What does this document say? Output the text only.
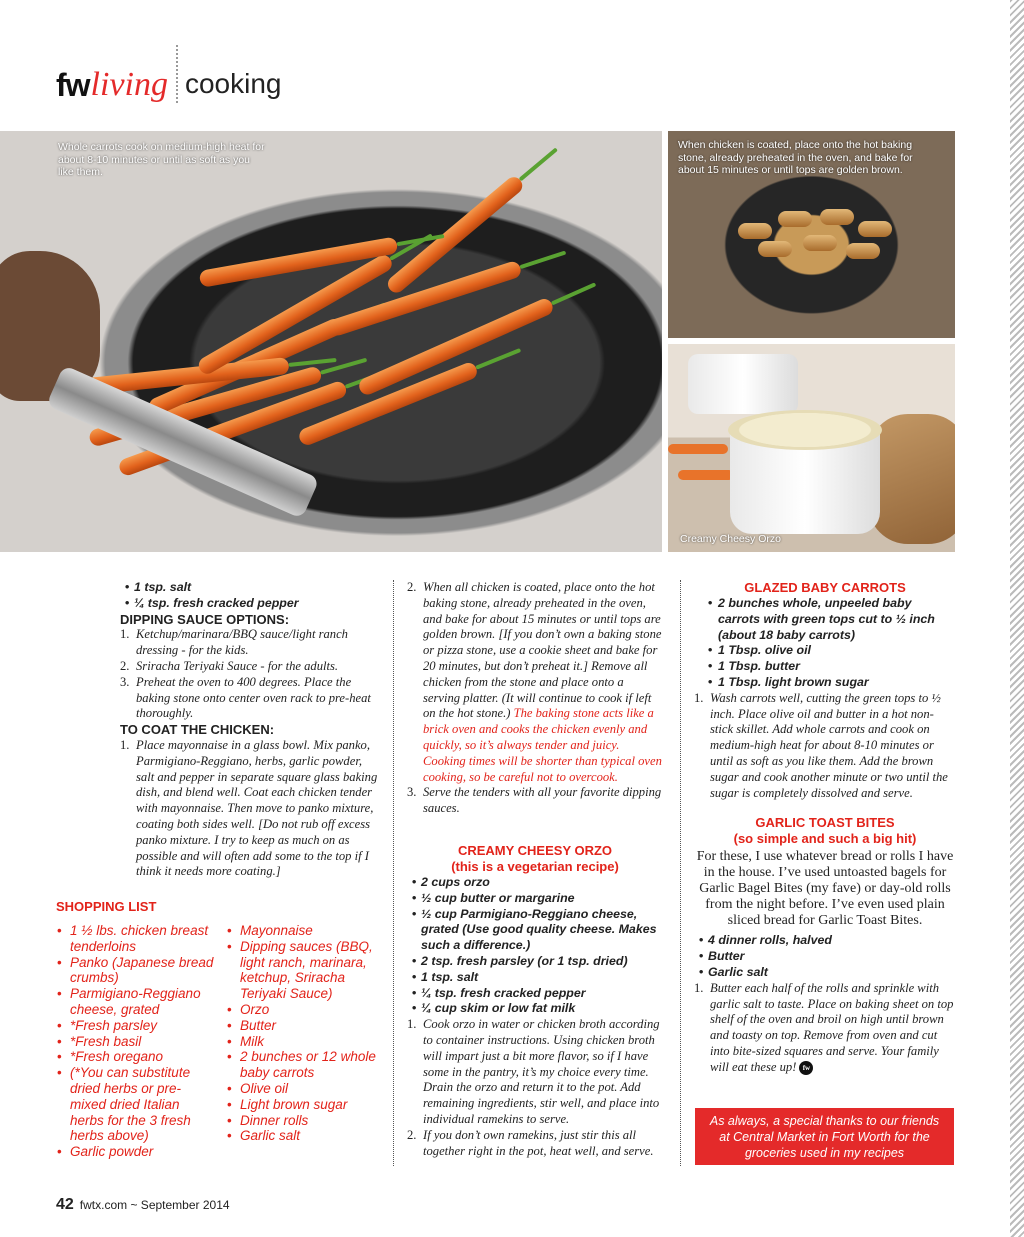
fw living cooking
Whole carrots cook on medium-high heat for about 8-10 minutes or until as soft as you like them.
When chicken is coated, place onto the hot baking stone, already preheated in the oven, and bake for about 15 minutes or until tops are golden brown.
Creamy Cheesy Orzo
• 1 tsp. salt
• ¼ tsp. fresh cracked pepper

DIPPING SAUCE OPTIONS:

1. Ketchup/marinara/BBQ sauce/light ranch dressing - for the kids.
2. Sriracha Teriyaki Sauce - for the adults.
3. Preheat the oven to 400 degrees. Place the baking stone onto center oven rack to pre-heat thoroughly.

TO COAT THE CHICKEN:

1. Place mayonnaise in a glass bowl. Mix panko, Parmigiano-Reggiano, herbs, garlic powder, salt and pepper in separate square glass baking dish, and blend well. Coat each chicken tender with mayonnaise. Then move to panko mixture, coating both sides well. [Do not rub off excess panko mixture. I try to keep as much on as possible and will often add some to the top if I think it needs more coating.]
SHOPPING LIST
• 1 ½ lbs. chicken breast tenderloins
• Panko (Japanese bread crumbs)
• Parmigiano-Reggiano cheese, grated
• *Fresh parsley
• *Fresh basil
• *Fresh oregano
• (*You can substitute dried herbs or pre-mixed dried Italian herbs for the 3 fresh herbs above)
• Garlic powder
• Mayonnaise
• Dipping sauces (BBQ, light ranch, marinara, ketchup, Sriracha Teriyaki Sauce)
• Orzo
• Butter
• Milk
• 2 bunches or 12 whole baby carrots
• Olive oil
• Light brown sugar
• Dinner rolls
• Garlic salt
2. When all chicken is coated, place onto the hot baking stone, already preheated in the oven, and bake for about 15 minutes or until tops are golden brown. [If you don’t own a baking stone or pizza stone, use a cookie sheet and bake for 20 minutes, but don’t preheat it.] Remove all chicken from the stone and place onto a serving platter. (It will continue to cook if left on the hot stone.) The baking stone acts like a brick oven and cooks the chicken evenly and quickly, so it’s always tender and juicy. Cooking times will be shorter than typical oven cooking, so be careful not to overcook.
3. Serve the tenders with all your favorite dipping sauces.
CREAMY CHEESY ORZO
(this is a vegetarian recipe)
• 2 cups orzo
• ½ cup butter or margarine
• ½ cup Parmigiano-Reggiano cheese, grated (Use good quality cheese. Makes such a difference.)
• 2 tsp. fresh parsley (or 1 tsp. dried)
• 1 tsp. salt
• ¼ tsp. fresh cracked pepper
• ¼ cup skim or low fat milk
1. Cook orzo in water or chicken broth according to container instructions. Using chicken broth will impart just a bit more flavor, so if I have some in the pantry, it’s my choice every time. Drain the orzo and return it to the pot. Add remaining ingredients, stir well, and place into individual ramekins to serve.
2. If you don’t own ramekins, just stir this all together right in the pot, heat well, and serve.
GLAZED BABY CARROTS
• 2 bunches whole, unpeeled baby carrots with green tops cut to ½ inch (about 18 baby carrots)
• 1 Tbsp. olive oil
• 1 Tbsp. butter
• 1 Tbsp. light brown sugar
1. Wash carrots well, cutting the green tops to ½ inch. Place olive oil and butter in a hot non-stick skillet. Add whole carrots and cook on medium-high heat for about 8-10 minutes or until as soft as you like them. Add the brown sugar and cook another minute or two until the sugar is completely dissolved and serve.
GARLIC TOAST BITES
(so simple and such a big hit)

For these, I use whatever bread or rolls I have in the house. I’ve used untoasted bagels for Garlic Bagel Bites (my fave) or day-old rolls from the night before. I’ve even used plain sliced bread for Garlic Toast Bites.

• 4 dinner rolls, halved
• Butter
• Garlic salt
1. Butter each half of the rolls and sprinkle with garlic salt to taste. Place on baking sheet on top shelf of the oven and broil on high until brown and toasty on top. Remove from oven and cut into bite-sized squares and serve. Your family will eat these up! fw
As always, a special thanks to our friends at Central Market in Fort Worth for the groceries used in my recipes
42 fwtx.com ~ September 2014
